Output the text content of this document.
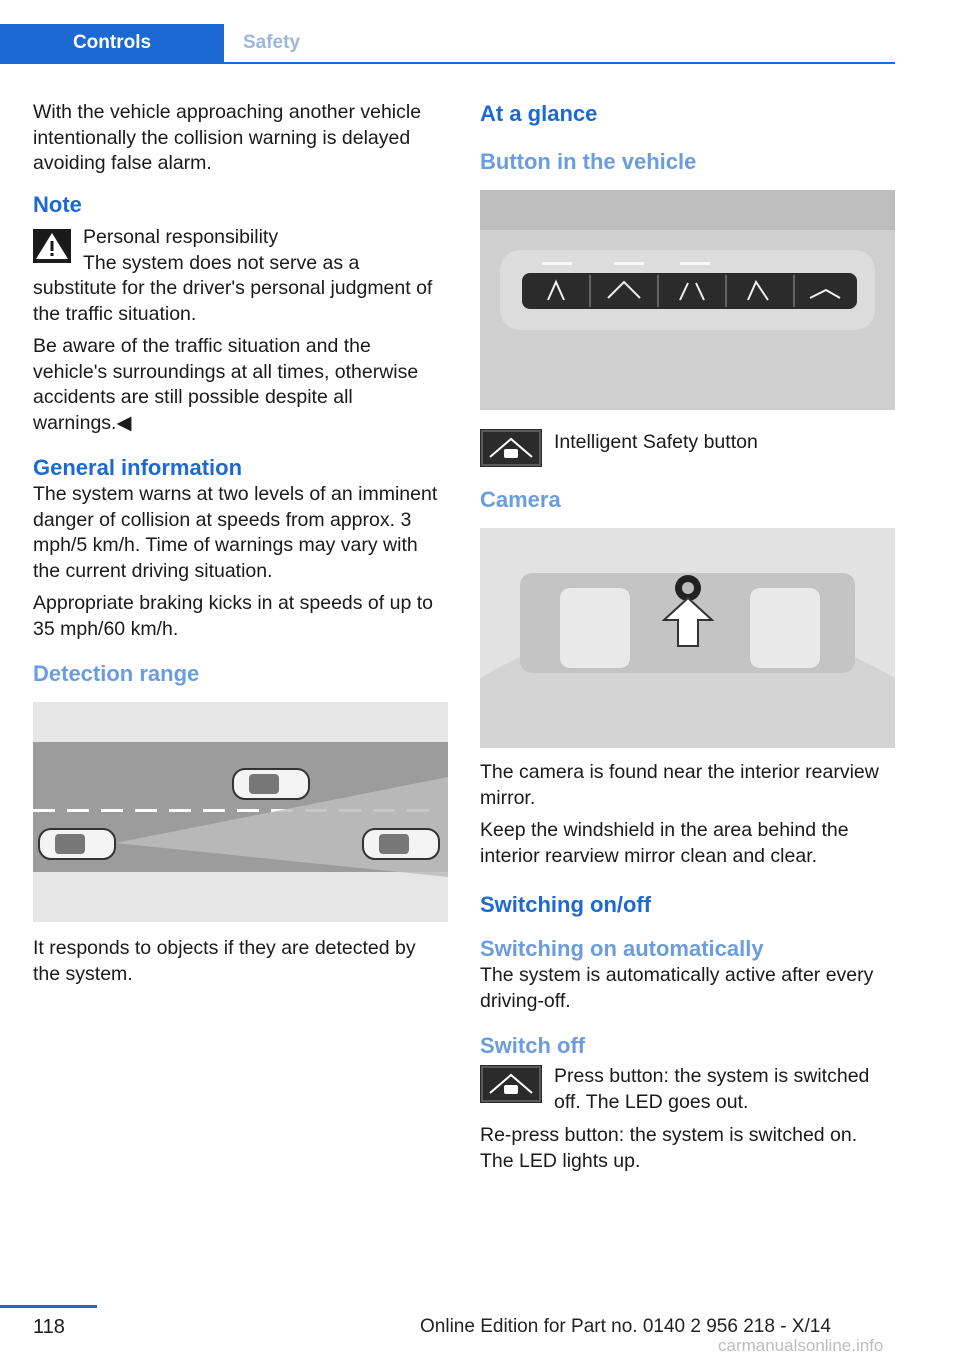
Controls	Safety

With the vehicle approaching another vehicle intentionally the collision warning is delayed avoiding false alarm.

Note

Personal responsibility

The system does not serve as a substitute for the driver's personal judgment of the traffic situation.

Be aware of the traffic situation and the vehicle's surroundings at all times, otherwise accidents are still possible despite all warnings.◀

General information

The system warns at two levels of an imminent danger of collision at speeds from approx. 3 mph/5 km/h. Time of warnings may vary with the current driving situation.

Appropriate braking kicks in at speeds of up to 35 mph/60 km/h.

Detection range

It responds to objects if they are detected by the system.

At a glance
Button in the vehicle

Intelligent Safety button

Camera

The camera is found near the interior rearview mirror.

Keep the windshield in the area behind the interior rearview mirror clean and clear.

Switching on/off
Switching on automatically

The system is automatically active after every driving-off.

Switch off

Press button: the system is switched off. The LED goes out.

Re-press button: the system is switched on. The LED lights up.

118	Online Edition for Part no. 0140 2 956 218 - X/14
carmanualsonline.info
